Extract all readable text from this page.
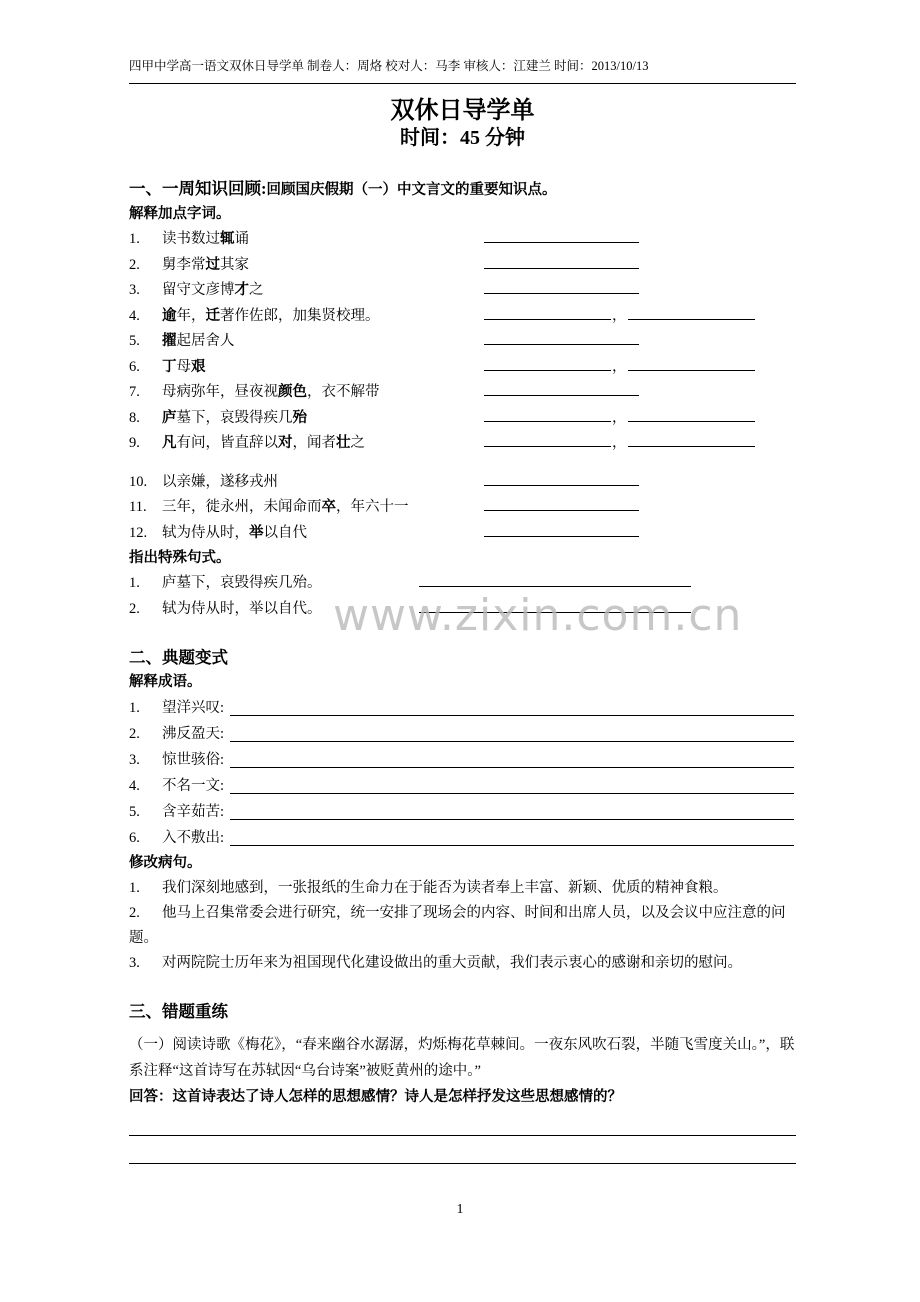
四甲中学高一语文双休日导学单 制卷人：周烙 校对人：马李 审核人：江建兰 时间：2013/10/13
双休日导学单
时间：45 分钟
一、一周知识回顾:回顾国庆假期（一）中文言文的重要知识点。
解释加点字词。
1. 读书数过辄诵
2. 舅李常过其家
3. 留守文彦博才之
4. 逾年，迁著作佐郎，加集贤校理。	，
5. 擢起居舍人
6. 丁母艰	，
7. 母病弥年，昼夜视颜色，衣不解带
8. 庐墓下，哀毁得疾几殆	，
9. 凡有问，皆直辞以对，闻者壮之	，
10. 以亲嫌，遂移戎州
11. 三年，徙永州，未闻命而卒，年六十一
12. 轼为侍从时，举以自代
指出特殊句式。
1. 庐墓下，哀毁得疾几殆。
2. 轼为侍从时，举以自代。
二、典题变式
解释成语。
1.	望洋兴叹:
2.	沸反盈天:
3.	惊世骇俗:
4.	不名一文:
5.	含辛茹苦:
6.	入不敷出:
修改病句。
1. 我们深刻地感到，一张报纸的生命力在于能否为读者奉上丰富、新颖、优质的精神食粮。
2. 他马上召集常委会进行研究，统一安排了现场会的内容、时间和出席人员，以及会议中应注意的问题。
3. 对两院院士历年来为祖国现代化建设做出的重大贡献，我们表示衷心的感谢和亲切的慰问。
三、错题重练
（一）阅读诗歌《梅花》，“春来幽谷水潺潺，灼烁梅花草棘间。一夜东风吹石裂，半随飞雪度关山。”，联系注释“这首诗写在苏轼因“乌台诗案”被贬黄州的途中。”
回答：这首诗表达了诗人怎样的思想感情？诗人是怎样抒发这些思想感情的？
www.zixin.com.cn
1
